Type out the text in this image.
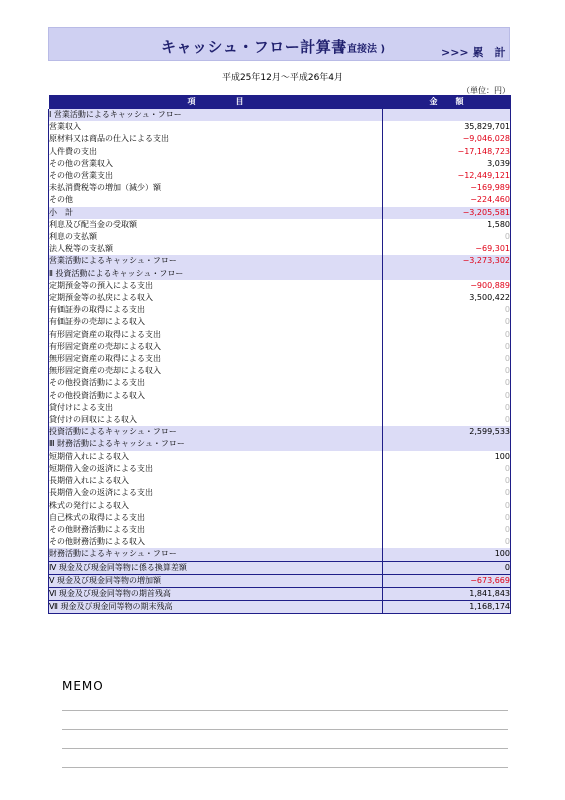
キャッシュ・フロー計算書
( 直接法 )	>>> 累　計
平成25年12月～平成26年4月
（単位：円）
項目	金額
Ⅰ 営業活動によるキャッシュ・フロー	
営業収入	35,829,701
原材料又は商品の仕入による支出	−9,046,028
人件費の支出	−17,148,723
その他の営業収入	3,039
その他の営業支出	−12,449,121
未払消費税等の増加（減少）額	−169,989
その他	−224,460
小　計	−3,205,581
利息及び配当金の受取額	1,580
利息の支払額	0
法人税等の支払額	−69,301
営業活動によるキャッシュ・フロー	−3,273,302
Ⅱ 投資活動によるキャッシュ・フロー	
定期預金等の預入による支出	−900,889
定期預金等の払戻による収入	3,500,422
有価証券の取得による支出	0
有価証券の売却による収入	0
有形固定資産の取得による支出	0
有形固定資産の売却による収入	0
無形固定資産の取得による支出	0
無形固定資産の売却による収入	0
その他投資活動による支出	0
その他投資活動による収入	0
貸付けによる支出	0
貸付けの回収による収入	0
投資活動によるキャッシュ・フロー	2,599,533
Ⅲ 財務活動によるキャッシュ・フロー	
短期借入れによる収入	100
短期借入金の返済による支出	0
長期借入れによる収入	0
長期借入金の返済による支出	0
株式の発行による収入	0
自己株式の取得による支出	0
その他財務活動による支出	0
その他財務活動による収入	0
財務活動によるキャッシュ・フロー	100
Ⅳ 現金及び現金同等物に係る換算差額	0
Ⅴ 現金及び現金同等物の増加額	−673,669
Ⅵ 現金及び現金同等物の期首残高	1,841,843
Ⅶ 現金及び現金同等物の期末残高	1,168,174
MEMO
